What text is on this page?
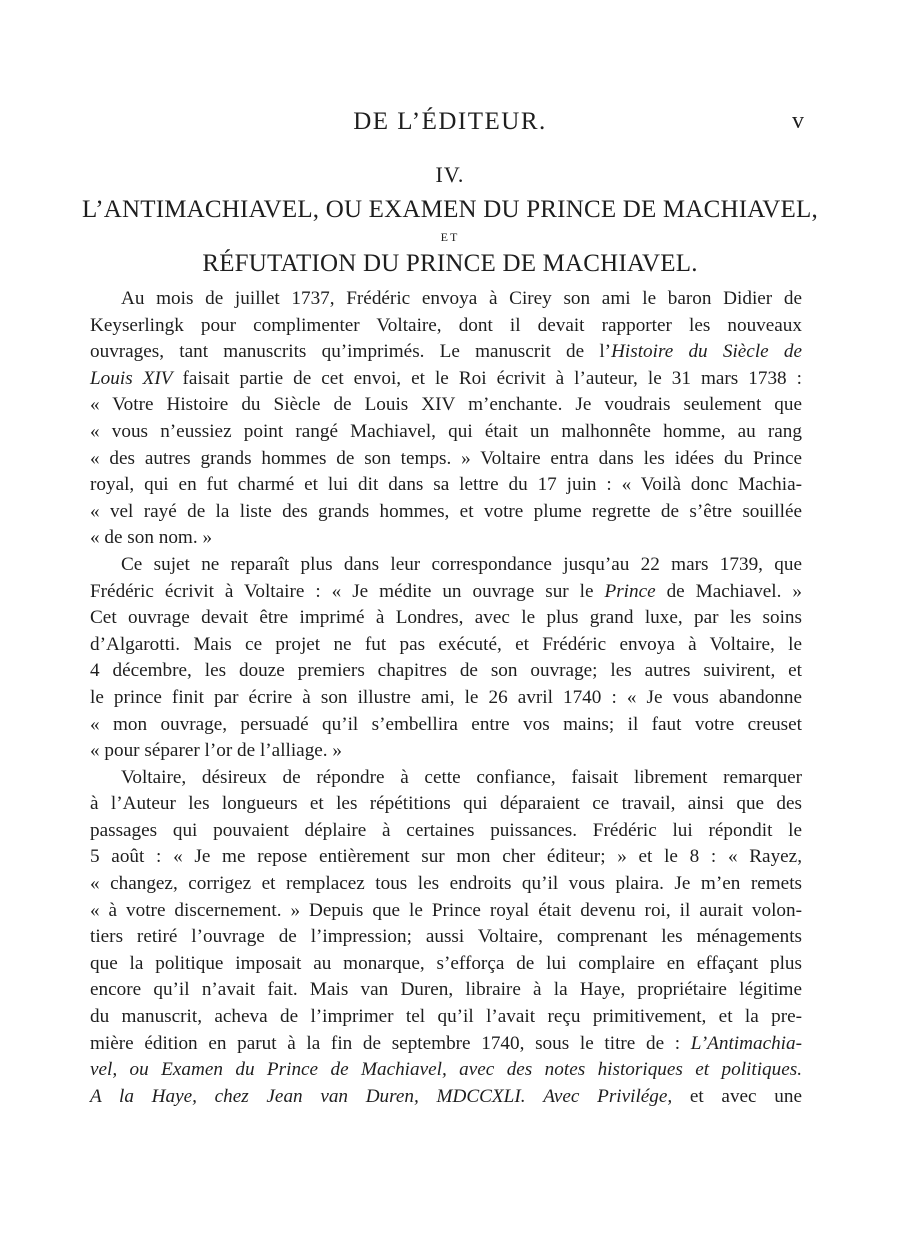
DE L’ÉDITEUR.	v
IV.
L’ANTIMACHIAVEL, OU EXAMEN DU PRINCE DE MACHIAVEL,
ET
RÉFUTATION DU PRINCE DE MACHIAVEL.

Au mois de juillet 1737, Frédéric envoya à Cirey son ami le baron Didier de
Keyserlingk pour complimenter Voltaire, dont il devait rapporter les nouveaux
ouvrages, tant manuscrits qu’imprimés. Le manuscrit de l’Histoire du Siècle de
Louis XIV faisait partie de cet envoi, et le Roi écrivit à l’auteur, le 31 mars 1738 :
« Votre Histoire du Siècle de Louis XIV m’enchante. Je voudrais seulement que
« vous n’eussiez point rangé Machiavel, qui était un malhonnête homme, au rang
« des autres grands hommes de son temps. » Voltaire entra dans les idées du Prince
royal, qui en fut charmé et lui dit dans sa lettre du 17 juin : « Voilà donc Machia-
« vel rayé de la liste des grands hommes, et votre plume regrette de s’être souillée
« de son nom. »

Ce sujet ne reparaît plus dans leur correspondance jusqu’au 22 mars 1739, que
Frédéric écrivit à Voltaire : « Je médite un ouvrage sur le Prince de Machiavel. »
Cet ouvrage devait être imprimé à Londres, avec le plus grand luxe, par les soins
d’Algarotti. Mais ce projet ne fut pas exécuté, et Frédéric envoya à Voltaire, le
4 décembre, les douze premiers chapitres de son ouvrage; les autres suivirent, et
le prince finit par écrire à son illustre ami, le 26 avril 1740 : « Je vous abandonne
« mon ouvrage, persuadé qu’il s’embellira entre vos mains; il faut votre creuset
« pour séparer l’or de l’alliage. »

Voltaire, désireux de répondre à cette confiance, faisait librement remarquer
à l’Auteur les longueurs et les répétitions qui déparaient ce travail, ainsi que des
passages qui pouvaient déplaire à certaines puissances. Frédéric lui répondit le
5 août : « Je me repose entièrement sur mon cher éditeur; » et le 8 : « Rayez,
« changez, corrigez et remplacez tous les endroits qu’il vous plaira. Je m’en remets
« à votre discernement. » Depuis que le Prince royal était devenu roi, il aurait volon-
tiers retiré l’ouvrage de l’impression; aussi Voltaire, comprenant les ménagements
que la politique imposait au monarque, s’efforça de lui complaire en effaçant plus
encore qu’il n’avait fait. Mais van Duren, libraire à la Haye, propriétaire légitime
du manuscrit, acheva de l’imprimer tel qu’il l’avait reçu primitivement, et la pre-
mière édition en parut à la fin de septembre 1740, sous le titre de : L’Antimachia-
vel, ou Examen du Prince de Machiavel, avec des notes historiques et politiques.
A la Haye, chez Jean van Duren, MDCCXLI. Avec Privilége, et avec une
